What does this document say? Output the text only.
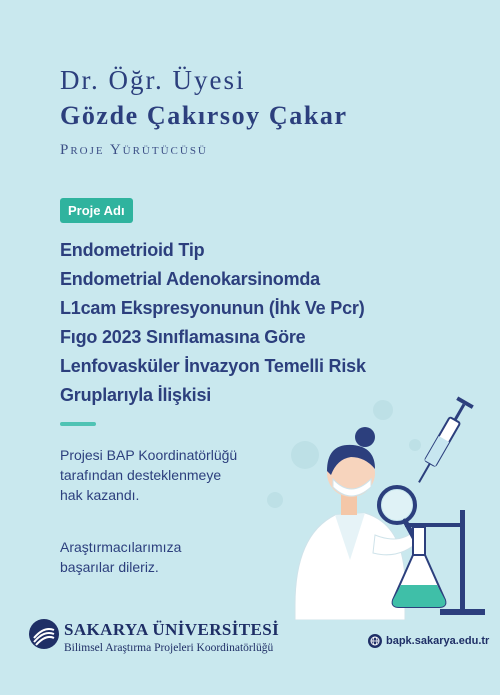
Dr. Öğr. Üyesi
Gözde Çakırsoy Çakar
Proje Yürütücüsü
Proje Adı
Endometrioid Tip
Endometrial Adenokarsinomda
L1cam Ekspresyonunun (İhk Ve Pcr)
Fıgo 2023 Sınıflamasına Göre
Lenfovasküler İnvazyon Temelli Risk
Gruplarıyla İlişkisi
Projesi BAP Koordinatörlüğü
tarafından desteklenmeye
hak kazandı.
Araştırmacılarımıza
başarılar dileriz.
SAKARYA ÜNİVERSİTESİ
Bilimsel Araştırma Projeleri Koordinatörlüğü
bapk.sakarya.edu.tr
